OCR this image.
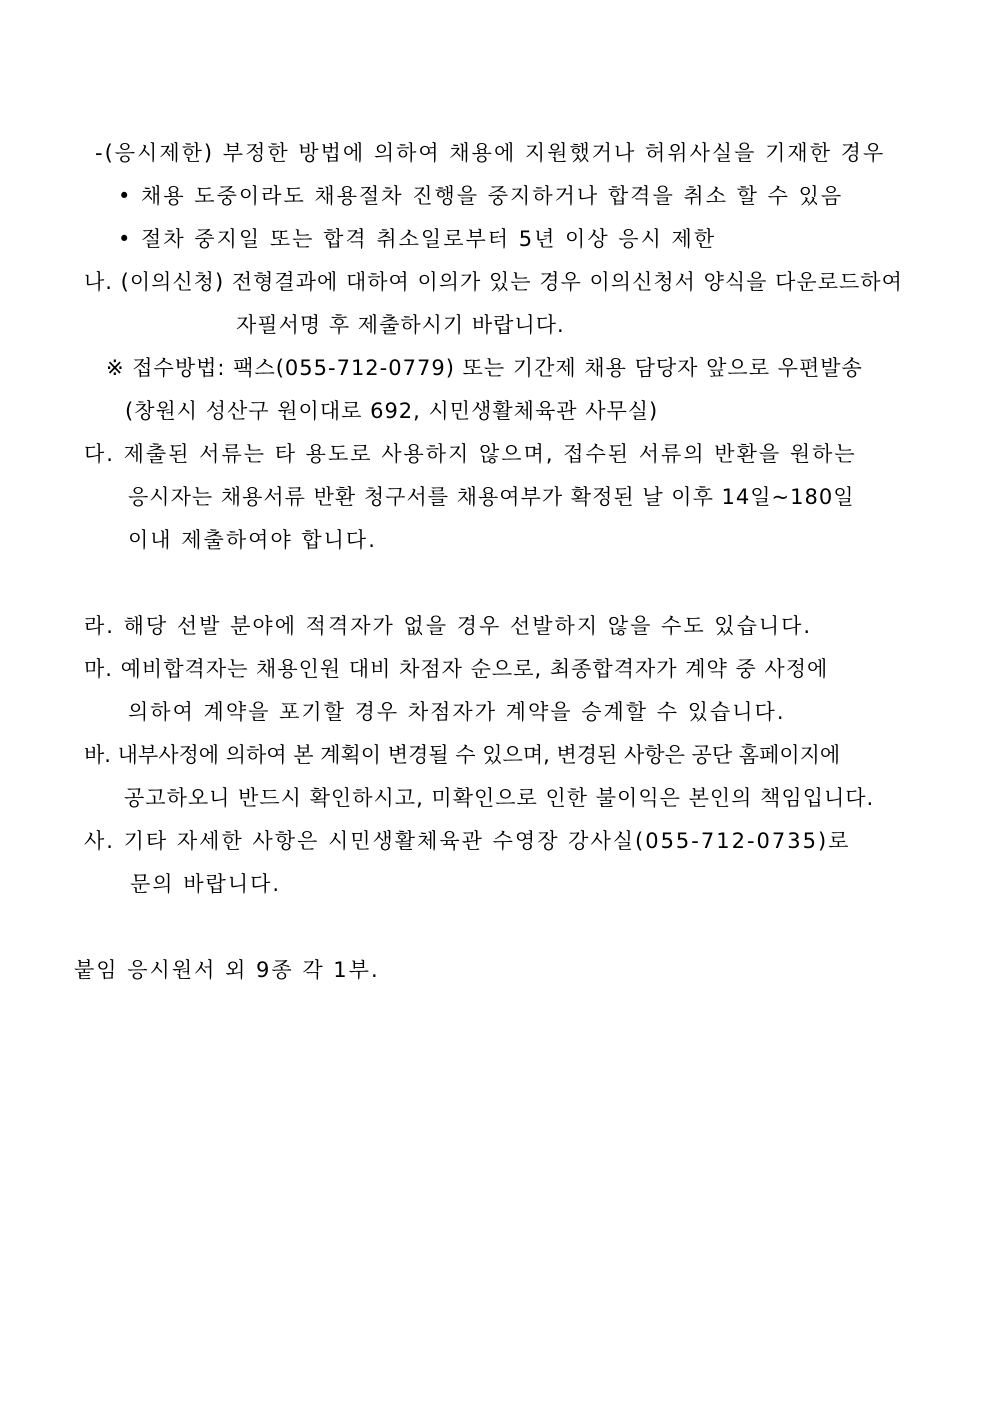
-(응시제한) 부정한 방법에 의하여 채용에 지원했거나 허위사실을 기재한 경우
• 채용 도중이라도 채용절차 진행을 중지하거나 합격을 취소 할 수 있음
• 절차 중지일 또는 합격 취소일로부터 5년 이상 응시 제한
나. (이의신청) 전형결과에 대하여 이의가 있는 경우 이의신청서 양식을 다운로드하여
자필서명 후 제출하시기 바랍니다.
※ 접수방법: 팩스(055-712-0779) 또는 기간제 채용 담당자 앞으로 우편발송
(창원시 성산구 원이대로 692, 시민생활체육관 사무실)
다. 제출된 서류는 타 용도로 사용하지 않으며, 접수된 서류의 반환을 원하는
응시자는 채용서류 반환 청구서를 채용여부가 확정된 날 이후 14일~180일
이내 제출하여야 합니다.
라. 해당 선발 분야에 적격자가 없을 경우 선발하지 않을 수도 있습니다.
마. 예비합격자는 채용인원 대비 차점자 순으로, 최종합격자가 계약 중 사정에
의하여 계약을 포기할 경우 차점자가 계약을 승계할 수 있습니다.
바. 내부사정에 의하여 본 계획이 변경될 수 있으며, 변경된 사항은 공단 홈페이지에
공고하오니 반드시 확인하시고, 미확인으로 인한 불이익은 본인의 책임입니다.
사. 기타 자세한 사항은 시민생활체육관 수영장 강사실(055-712-0735)로
문의 바랍니다.
붙임 응시원서 외 9종 각 1부.
